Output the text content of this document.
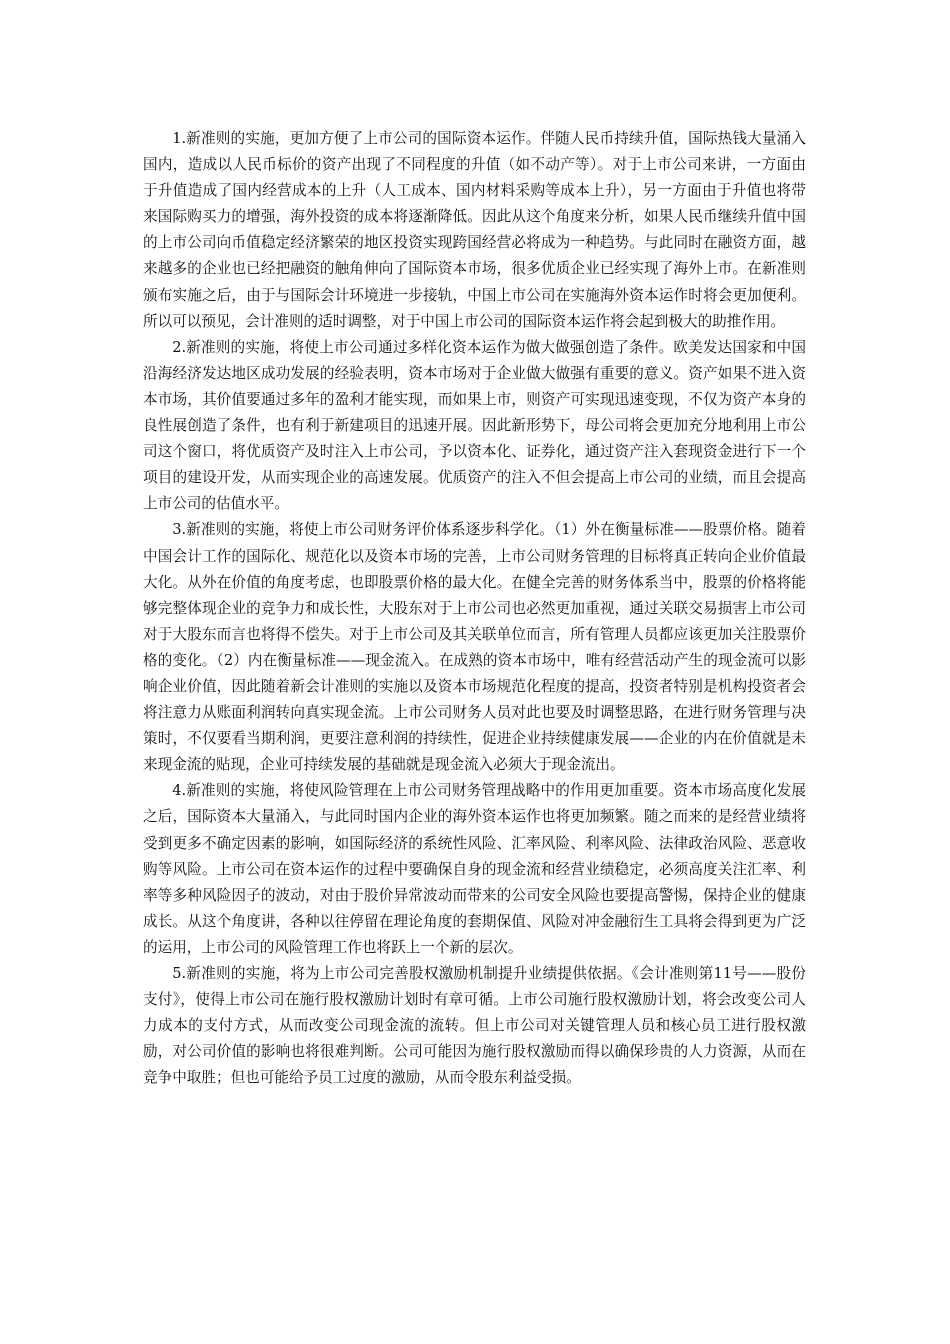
1.新准则的实施，更加方便了上市公司的国际资本运作。伴随人民币持续升值，国际热钱大量涌入国内，造成以人民币标价的资产出现了不同程度的升值（如不动产等）。对于上市公司来讲，一方面由于升值造成了国内经营成本的上升（人工成本、国内材料采购等成本上升），另一方面由于升值也将带来国际购买力的增强，海外投资的成本将逐渐降低。因此从这个角度来分析，如果人民币继续升值中国的上市公司向币值稳定经济繁荣的地区投资实现跨国经营必将成为一种趋势。与此同时在融资方面，越来越多的企业也已经把融资的触角伸向了国际资本市场，很多优质企业已经实现了海外上市。在新准则颁布实施之后，由于与国际会计环境进一步接轨，中国上市公司在实施海外资本运作时将会更加便利。所以可以预见，会计准则的适时调整，对于中国上市公司的国际资本运作将会起到极大的助推作用。

2.新准则的实施，将使上市公司通过多样化资本运作为做大做强创造了条件。欧美发达国家和中国沿海经济发达地区成功发展的经验表明，资本市场对于企业做大做强有重要的意义。资产如果不进入资本市场，其价值要通过多年的盈利才能实现，而如果上市，则资产可实现迅速变现，不仅为资产本身的良性展创造了条件，也有利于新建项目的迅速开展。因此新形势下，母公司将会更加充分地利用上市公司这个窗口，将优质资产及时注入上市公司，予以资本化、证券化，通过资产注入套现资金进行下一个项目的建设开发，从而实现企业的高速发展。优质资产的注入不但会提高上市公司的业绩，而且会提高上市公司的估值水平。

3.新准则的实施，将使上市公司财务评价体系逐步科学化。（1）外在衡量标准——股票价格。随着中国会计工作的国际化、规范化以及资本市场的完善，上市公司财务管理的目标将真正转向企业价值最大化。从外在价值的角度考虑，也即股票价格的最大化。在健全完善的财务体系当中，股票的价格将能够完整体现企业的竞争力和成长性，大股东对于上市公司也必然更加重视，通过关联交易损害上市公司对于大股东而言也将得不偿失。对于上市公司及其关联单位而言，所有管理人员都应该更加关注股票价格的变化。（2）内在衡量标准——现金流入。在成熟的资本市场中，唯有经营活动产生的现金流可以影响企业价值，因此随着新会计准则的实施以及资本市场规范化程度的提高，投资者特别是机构投资者会将注意力从账面利润转向真实现金流。上市公司财务人员对此也要及时调整思路，在进行财务管理与决策时，不仅要看当期利润，更要注意利润的持续性，促进企业持续健康发展——企业的内在价值就是未来现金流的贴现，企业可持续发展的基础就是现金流入必须大于现金流出。

4.新准则的实施，将使风险管理在上市公司财务管理战略中的作用更加重要。资本市场高度化发展之后，国际资本大量涌入，与此同时国内企业的海外资本运作也将更加频繁。随之而来的是经营业绩将受到更多不确定因素的影响，如国际经济的系统性风险、汇率风险、利率风险、法律政治风险、恶意收购等风险。上市公司在资本运作的过程中要确保自身的现金流和经营业绩稳定，必须高度关注汇率、利率等多种风险因子的波动，对由于股价异常波动而带来的公司安全风险也要提高警惕，保持企业的健康成长。从这个角度讲，各种以往停留在理论角度的套期保值、风险对冲金融衍生工具将会得到更为广泛的运用，上市公司的风险管理工作也将跃上一个新的层次。

5.新准则的实施，将为上市公司完善股权激励机制提升业绩提供依据。《会计准则第11号——股份支付》，使得上市公司在施行股权激励计划时有章可循。上市公司施行股权激励计划，将会改变公司人力成本的支付方式，从而改变公司现金流的流转。但上市公司对关键管理人员和核心员工进行股权激励，对公司价值的影响也将很难判断。公司可能因为施行股权激励而得以确保珍贵的人力资源，从而在竞争中取胜；但也可能给予员工过度的激励，从而令股东利益受损。
